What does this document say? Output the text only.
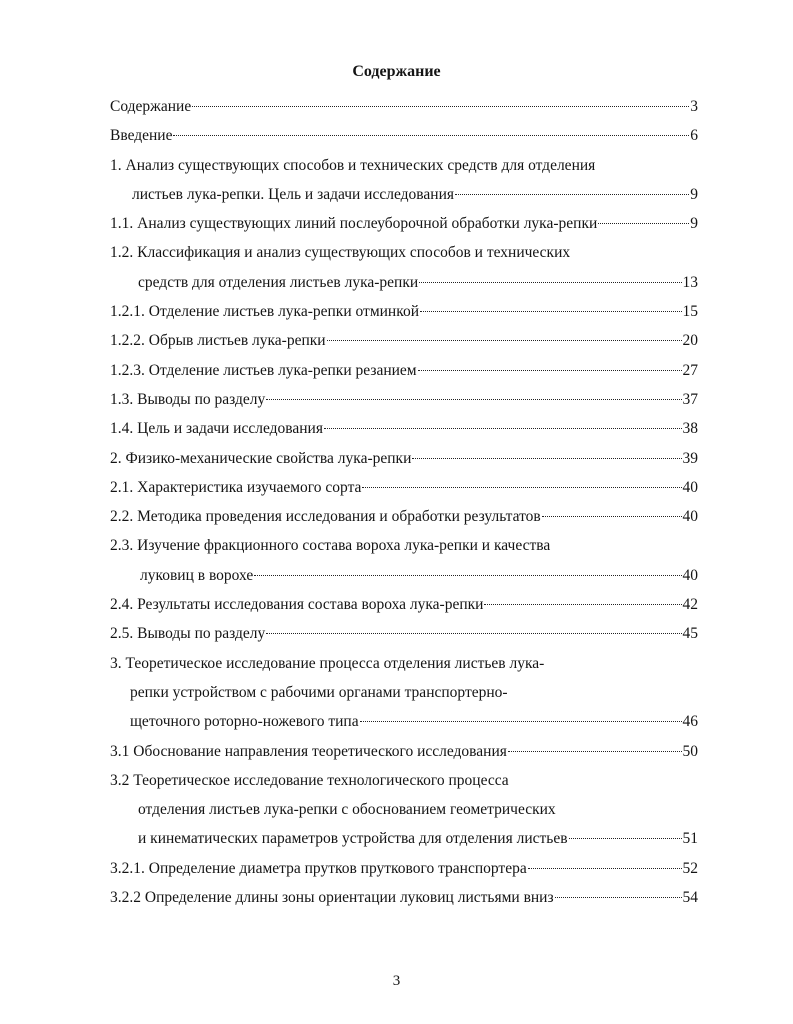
Содержание
Содержание	3
Введение	6
1. Анализ существующих способов и технических средств для отделения
листьев лука-репки. Цель и задачи исследования	9
1.1. Анализ существующих линий послеуборочной обработки лука-репки	9
1.2. Классификация и анализ существующих способов и технических
средств для отделения листьев лука-репки	13
1.2.1. Отделение листьев лука-репки отминкой	15
1.2.2. Обрыв листьев лука-репки	20
1.2.3. Отделение листьев лука-репки резанием	27
1.3. Выводы по разделу	37
1.4. Цель и задачи исследования	38
2. Физико-механические свойства лука-репки	39
2.1. Характеристика изучаемого сорта	40
2.2. Методика проведения исследования и обработки результатов	40
2.3. Изучение фракционного состава вороха лука-репки и качества
луковиц в ворохе	40
2.4. Результаты исследования состава вороха лука-репки	42
2.5. Выводы по разделу	45
3. Теоретическое исследование процесса отделения листьев лука-
репки устройством с рабочими органами транспортерно-
щеточного роторно-ножевого типа	46
3.1 Обоснование направления теоретического исследования	50
3.2 Теоретическое исследование технологического процесса
отделения листьев лука-репки с обоснованием геометрических
и кинематических параметров устройства для отделения листьев	51
3.2.1. Определение диаметра прутков пруткового транспортера	52
3.2.2 Определение длины зоны ориентации луковиц листьями вниз	54
3
